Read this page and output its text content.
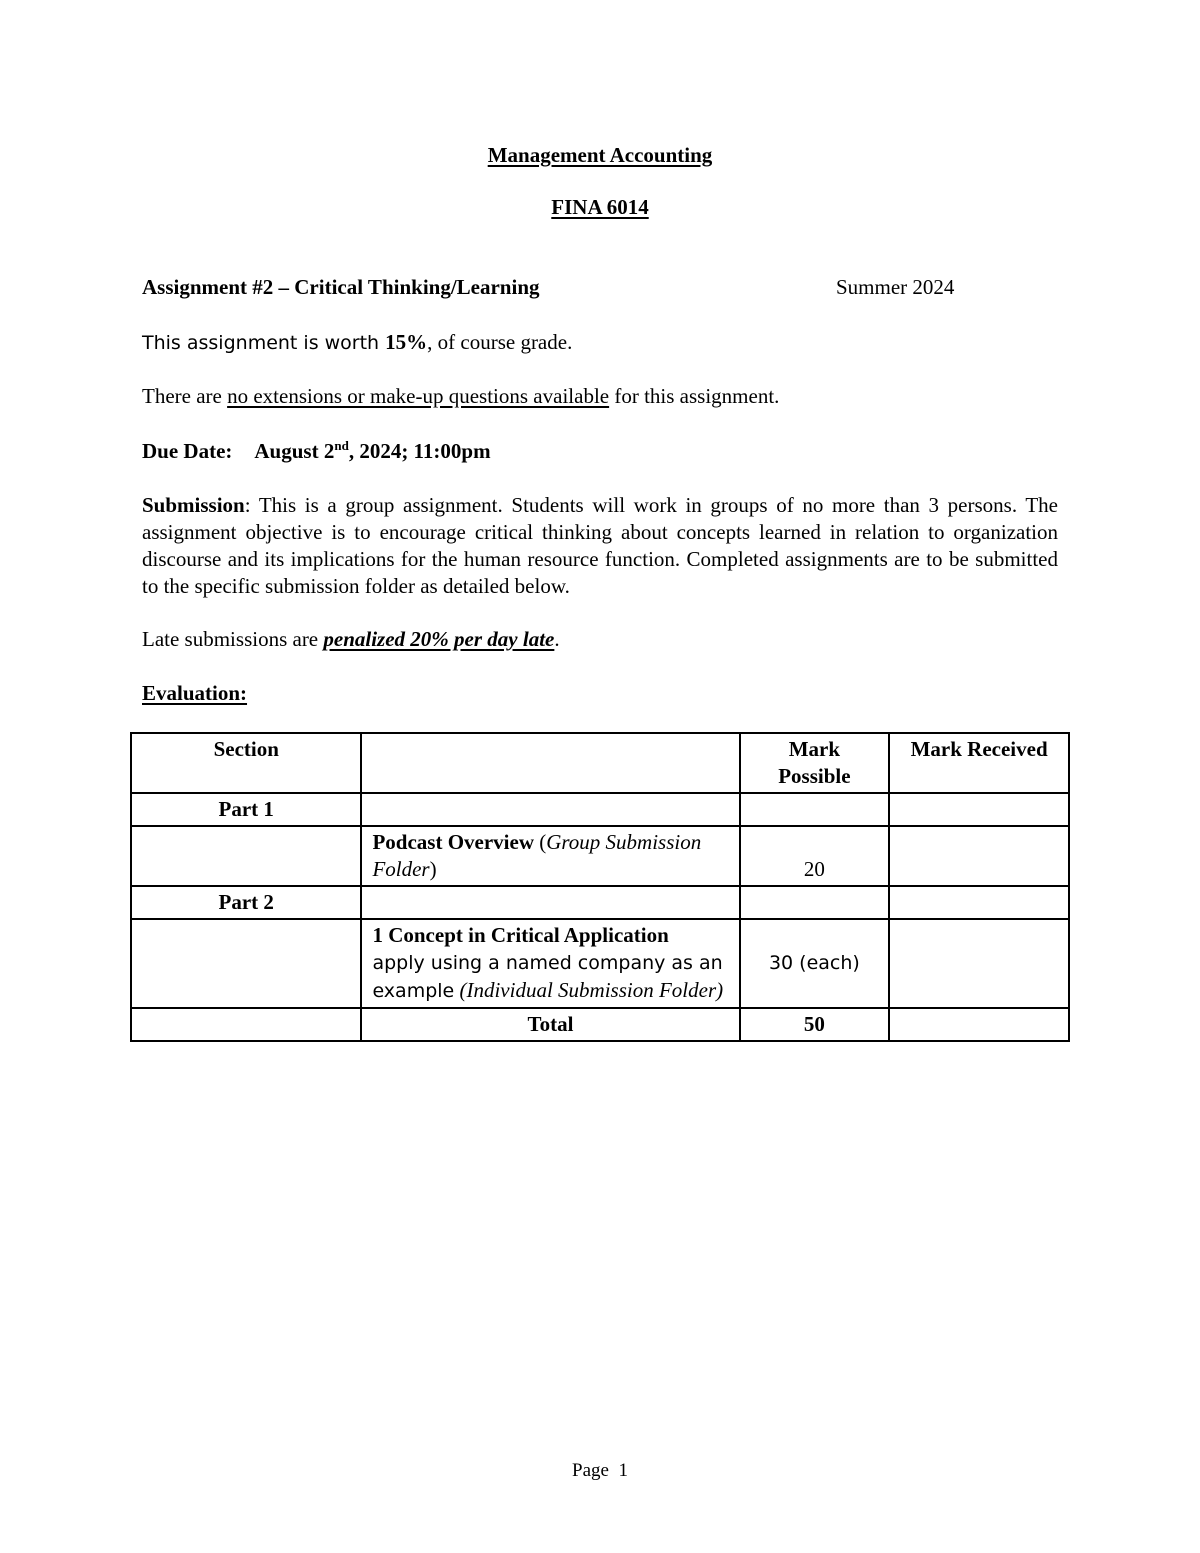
Management Accounting
FINA 6014
Assignment #2 – Critical Thinking/Learning	Summer 2024
This assignment is worth 15%, of course grade.
There are no extensions or make-up questions available for this assignment.
Due Date: August 2nd, 2024; 11:00pm
Submission: This is a group assignment. Students will work in groups of no more than 3 persons. The assignment objective is to encourage critical thinking about concepts learned in relation to organization discourse and its implications for the human resource function. Completed assignments are to be submitted to the specific submission folder as detailed below.
Late submissions are penalized 20% per day late.
Evaluation:
Section		Mark Possible	Mark Received
Part 1			
	Podcast Overview (Group Submission Folder)	20	
Part 2			
	1 Concept in Critical Application
apply using a named company as an example (Individual Submission Folder)	30 (each)	
	Total	50	
Page 1
